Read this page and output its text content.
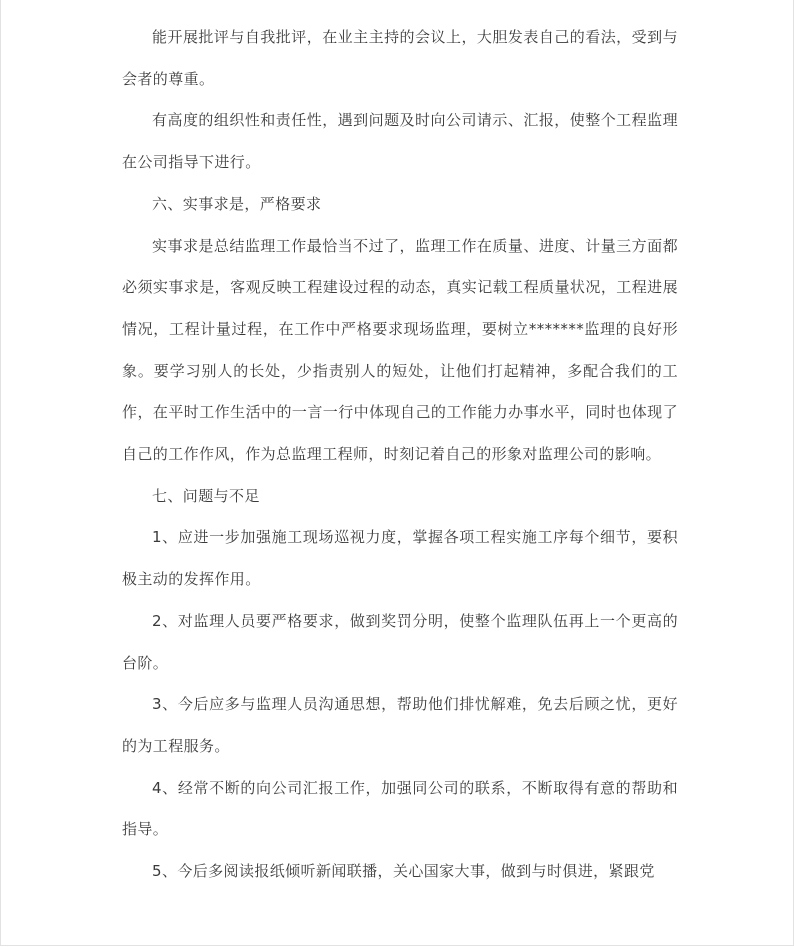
能开展批评与自我批评，在业主主持的会议上，大胆发表自己的看法，受到与会者的尊重。

有高度的组织性和责任性，遇到问题及时向公司请示、汇报，使整个工程监理在公司指导下进行。

六、实事求是，严格要求

实事求是总结监理工作最恰当不过了，监理工作在质量、进度、计量三方面都必须实事求是，客观反映工程建设过程的动态，真实记载工程质量状况，工程进展情况，工程计量过程，在工作中严格要求现场监理，要树立*******监理的良好形象。要学习别人的长处，少指责别人的短处，让他们打起精神，多配合我们的工作，在平时工作生活中的一言一行中体现自己的工作能力办事水平，同时也体现了自己的工作作风，作为总监理工程师，时刻记着自己的形象对监理公司的影响。

七、问题与不足

1、应进一步加强施工现场巡视力度，掌握各项工程实施工序每个细节，要积极主动的发挥作用。

2、对监理人员要严格要求，做到奖罚分明，使整个监理队伍再上一个更高的台阶。

3、今后应多与监理人员沟通思想，帮助他们排忧解难，免去后顾之忧，更好的为工程服务。

4、经常不断的向公司汇报工作，加强同公司的联系，不断取得有意的帮助和指导。

5、今后多阅读报纸倾听新闻联播，关心国家大事，做到与时俱进，紧跟党
